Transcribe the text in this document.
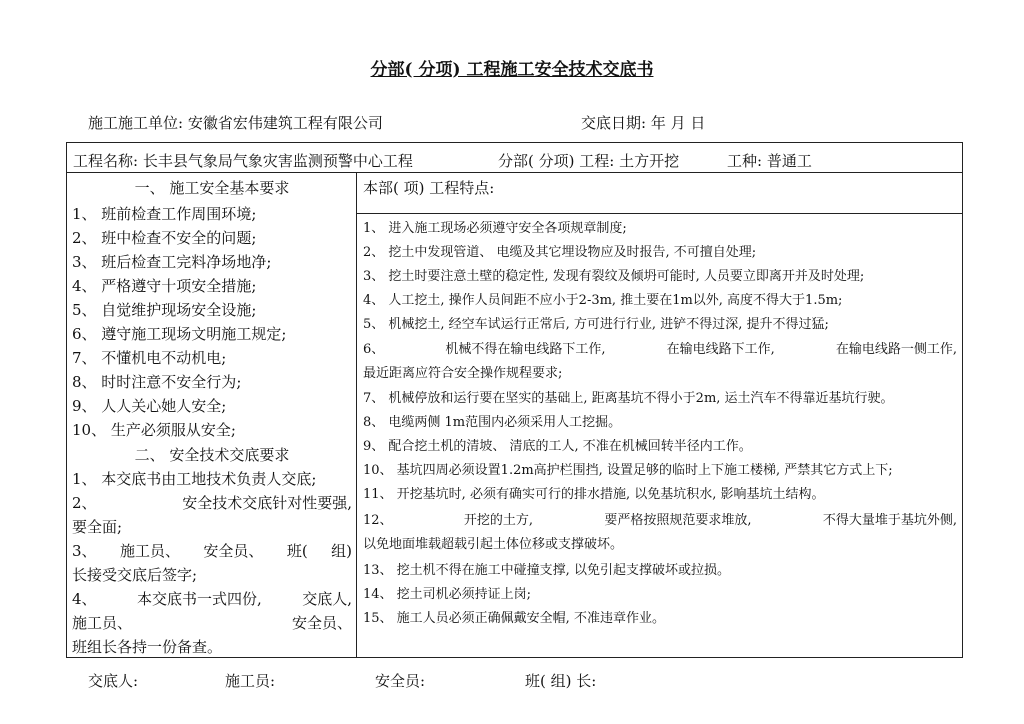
分部( 分项) 工程施工安全技术交底书
施工施工单位: 安徽省宏伟建筑工程有限公司	交底日期: 年 月 日
工程名称: 长丰县气象局气象灾害监测预警中心工程	分部( 分项) 工程: 土方开挖	工种: 普通工
一、 施工安全基本要求
1、 班前检查工作周围环境;
2、 班中检查不安全的问题;
3、 班后检查工完料净场地净;
4、 严格遵守十项安全措施;
5、 自觉维护现场安全设施;
6、 遵守施工现场文明施工规定;
7、 不懂机电不动机电;
8、 时时注意不安全行为;
9、 人人关心她人安全;
10、 生产必须服从安全;
二、 安全技术交底要求
1、 本交底书由工地技术负责人交底;
2、	安全技术交底针对性要强,
要全面;
3、 施工员、 安全员、 班( 组)
长接受交底后签字;
4、	本交底书一式四份,	交底人,
施工员、	安全员、
班组长各持一份备查。
本部( 项) 工程特点:
1、 进入施工现场必须遵守安全各项规章制度;
2、 挖土中发现管道、 电缆及其它埋设物应及时报告, 不可擅自处理;
3、 挖土时要注意土壁的稳定性, 发现有裂纹及倾坍可能时, 人员要立即离开并及时处理;
4、 人工挖土, 操作人员间距不应小于2-3m, 推土要在1m以外, 高度不得大于1.5m;
5、 机械挖土, 经空车试运行正常后, 方可进行行业, 进铲不得过深, 提升不得过猛;
6、	机械不得在输电线路下工作,	在输电线路下工作,	在输电线路一侧工作,
最近距离应符合安全操作规程要求;
7、 机械停放和运行要在坚实的基础上, 距离基坑不得小于2m, 运土汽车不得靠近基坑行驶。
8、 电缆两侧 1m范围内必须采用人工挖掘。
9、 配合挖土机的清坡、 清底的工人, 不准在机械回转半径内工作。
10、 基坑四周必须设置1.2m高护栏围挡, 设置足够的临时上下施工楼梯, 严禁其它方式上下;
11、 开挖基坑时, 必须有确实可行的排水措施, 以免基坑积水, 影响基坑土结构。
12、	开挖的土方,	要严格按照规范要求堆放,	不得大量堆于基坑外侧,
以免地面堆载超载引起土体位移或支撑破坏。
13、 挖土机不得在施工中碰撞支撑, 以免引起支撑破坏或拉损。
14、 挖土司机必须持证上岗;
15、 施工人员必须正确佩戴安全帽, 不准违章作业。
交底人:	施工员:	安全员:	班( 组) 长:
